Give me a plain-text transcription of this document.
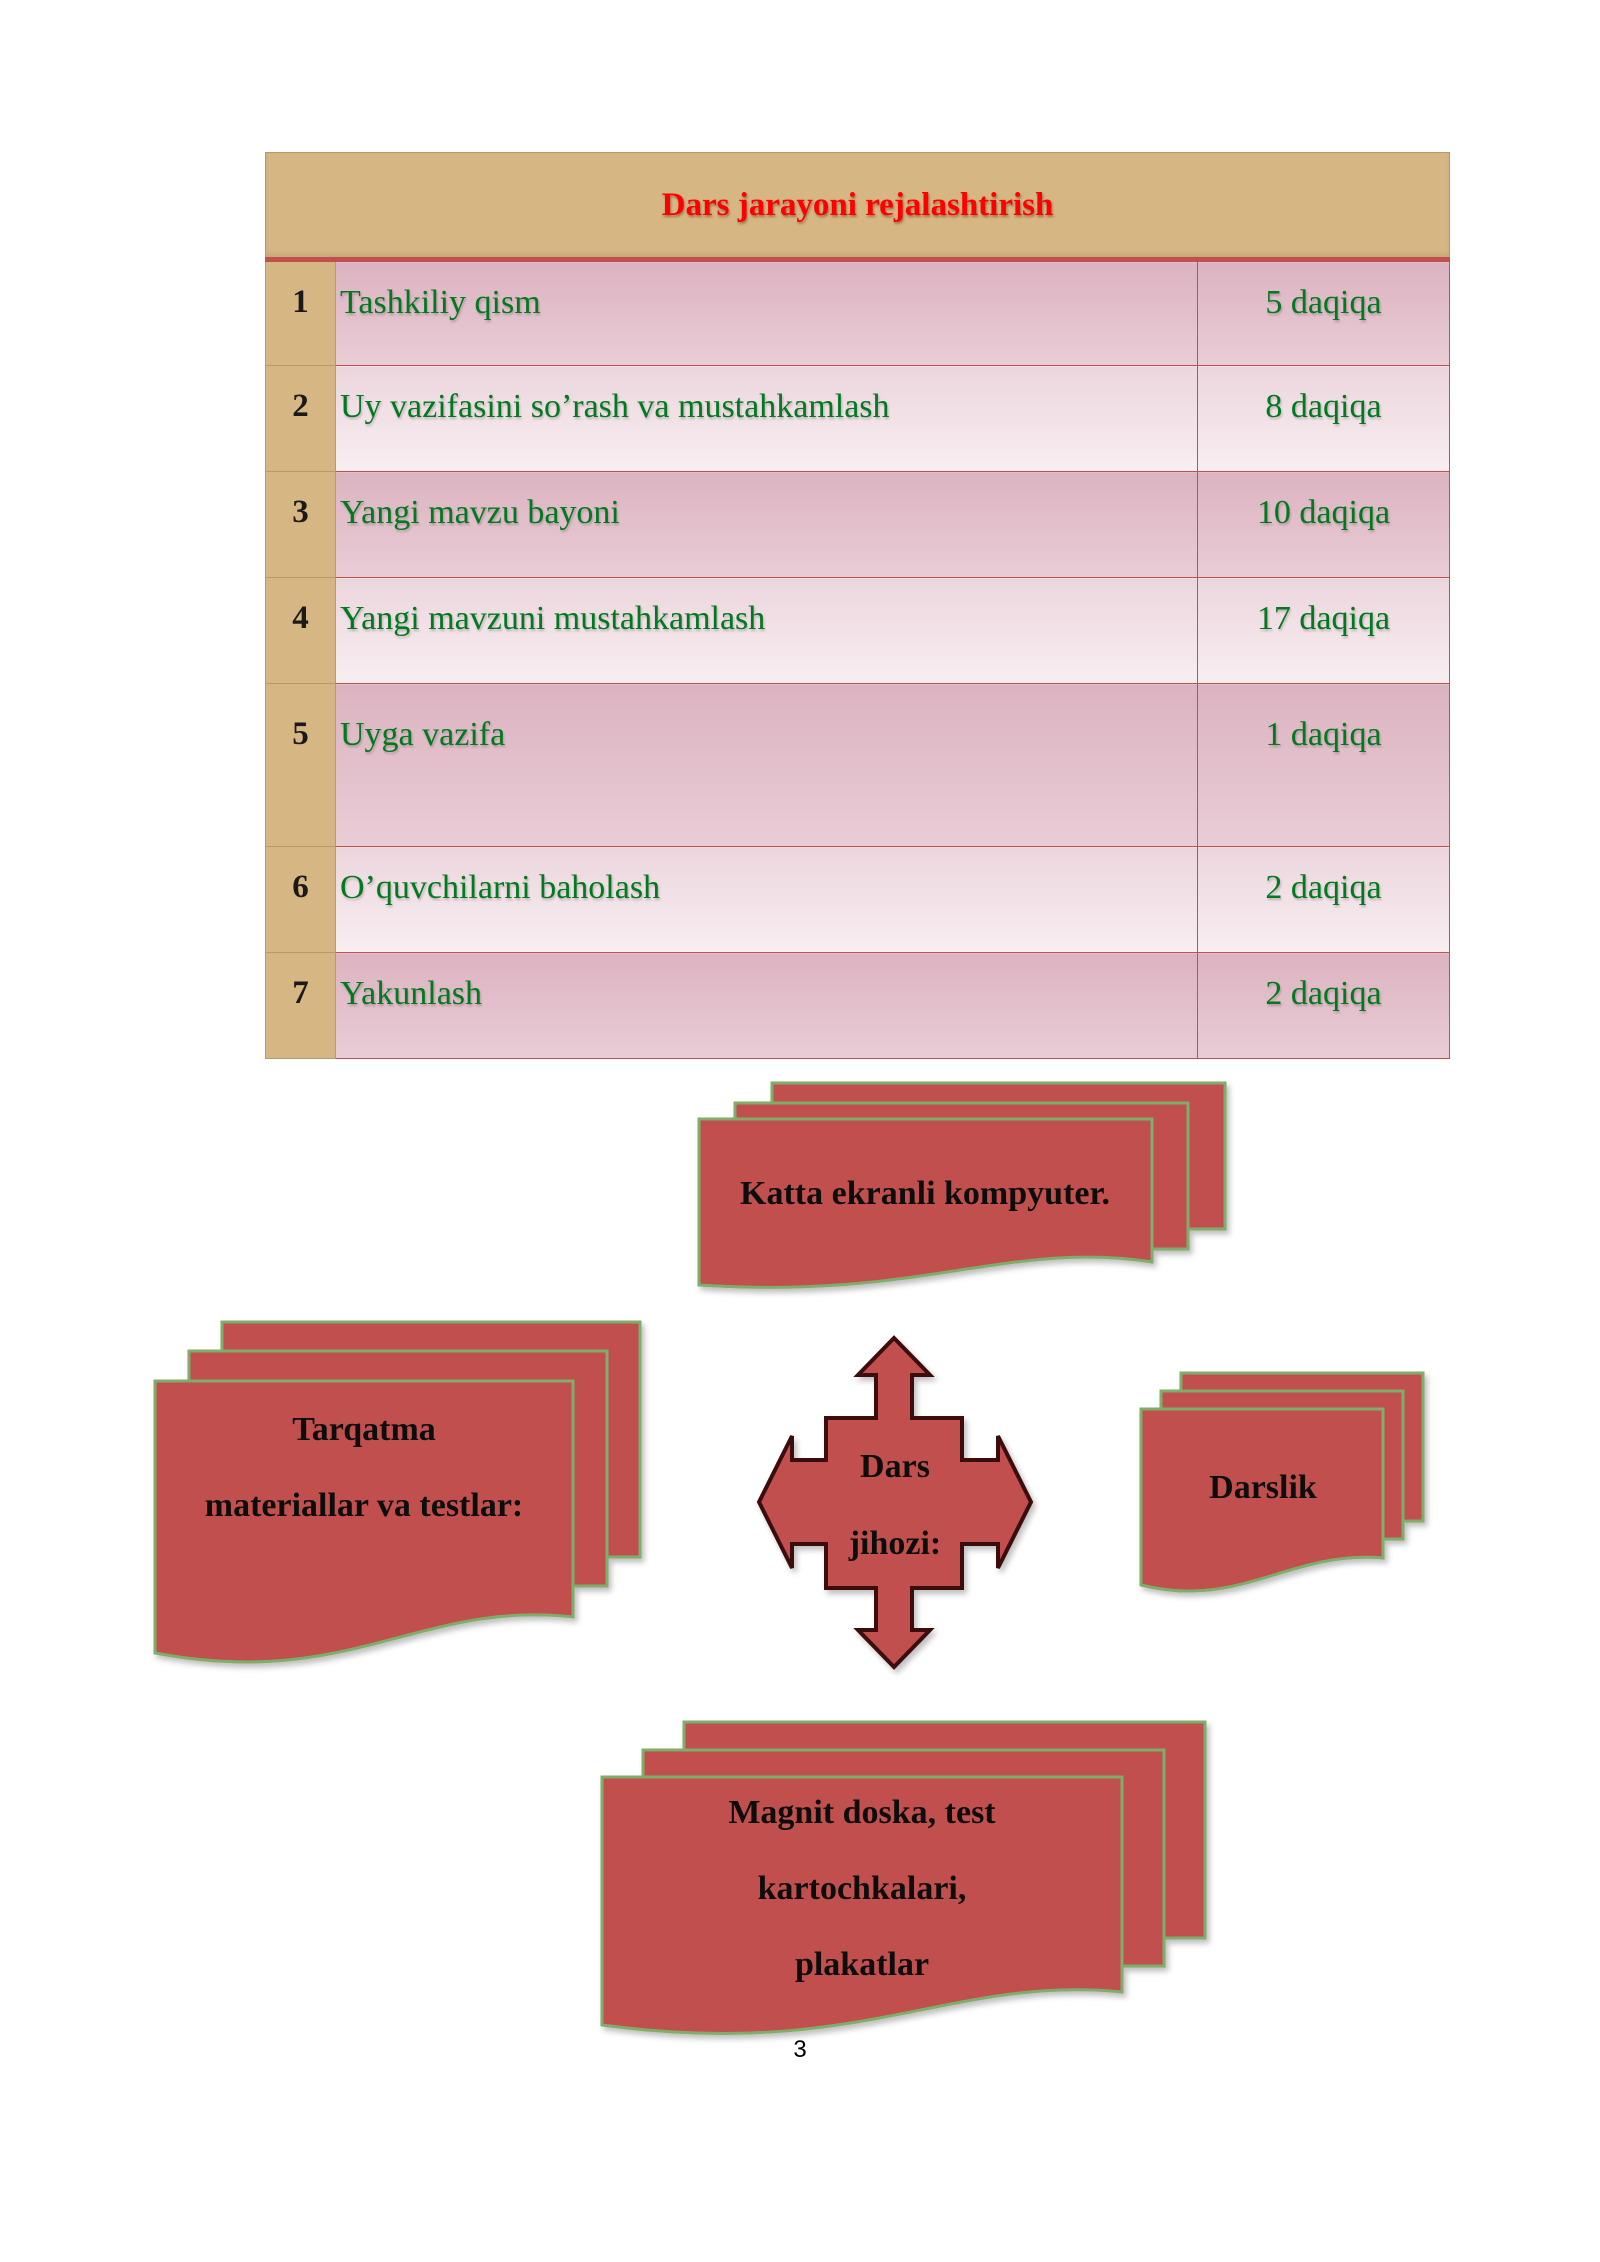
Dars jarayoni rejalashtirish		
1	Tashkiliy qism	5 daqiqa
2	Uy vazifasini so’rash va mustahkamlash	8 daqiqa
3	Yangi mavzu bayoni	10 daqiqa
4	Yangi mavzuni mustahkamlash	17 daqiqa
5	Uyga vazifa	1 daqiqa
6	O’quvchilarni baholash	2 daqiqa
7	Yakunlash	2 daqiqa
Katta ekranli kompyuter.
Tarqatma
materiallar va testlar:	Darslik
Magnit doska, test
kartochkalari,
plakatlar
Dars
jihozi:
3
